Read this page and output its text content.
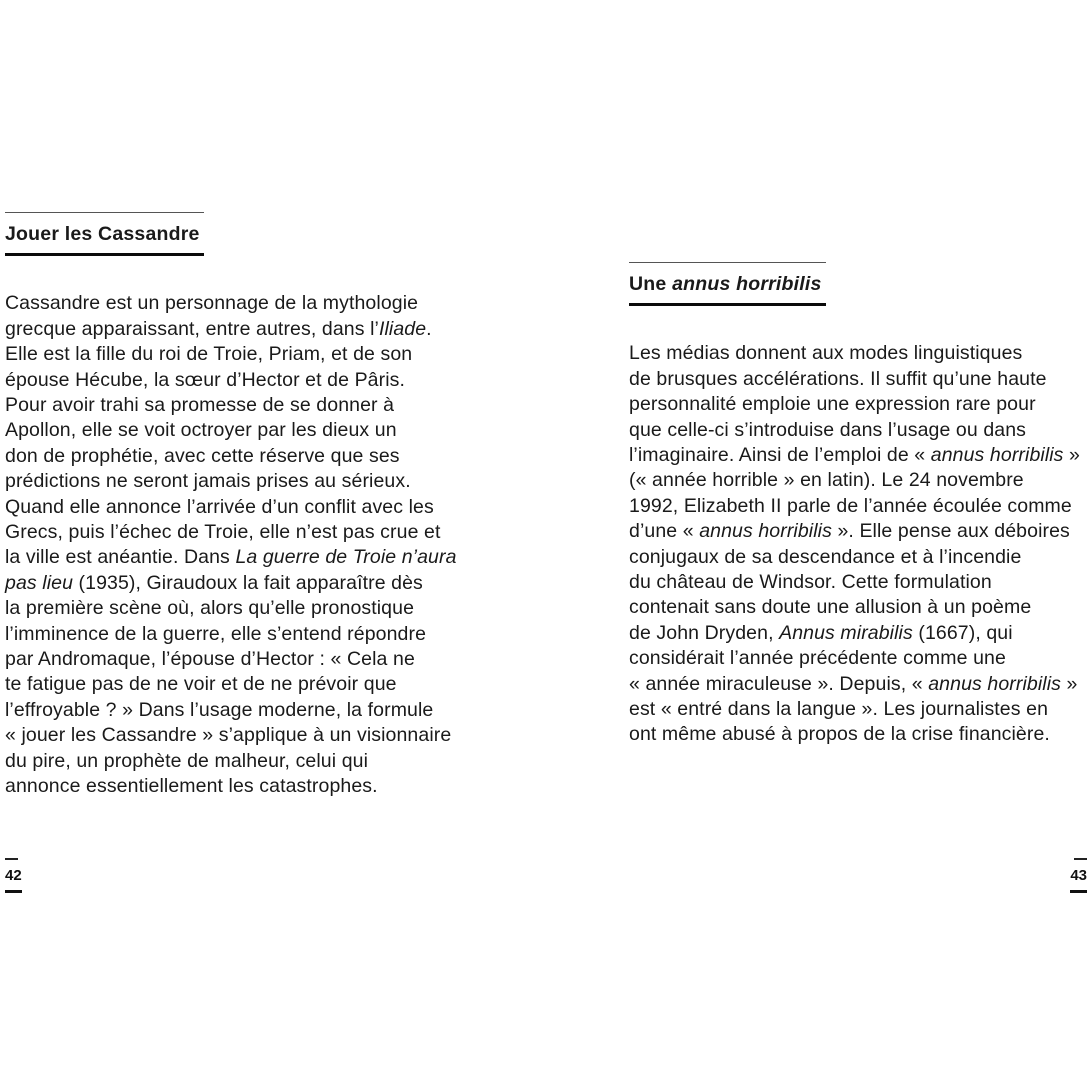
Jouer les Cassandre
Cassandre est un personnage de la mythologie
grecque apparaissant, entre autres, dans l’Iliade.
Elle est la fille du roi de Troie, Priam, et de son
épouse Hécube, la sœur d’Hector et de Pâris.
Pour avoir trahi sa promesse de se donner à
Apollon, elle se voit octroyer par les dieux un
don de prophétie, avec cette réserve que ses
prédictions ne seront jamais prises au sérieux.
Quand elle annonce l’arrivée d’un conflit avec les
Grecs, puis l’échec de Troie, elle n’est pas crue et
la ville est anéantie. Dans La guerre de Troie n’aura
pas lieu (1935), Giraudoux la fait apparaître dès
la première scène où, alors qu’elle pronostique
l’imminence de la guerre, elle s’entend répondre
par Andromaque, l’épouse d’Hector : « Cela ne
te fatigue pas de ne voir et de ne prévoir que
l’effroyable ? » Dans l’usage moderne, la formule
« jouer les Cassandre » s’applique à un visionnaire
du pire, un prophète de malheur, celui qui
annonce essentiellement les catastrophes.
Une annus horribilis
Les médias donnent aux modes linguistiques
de brusques accélérations. Il suffit qu’une haute
personnalité emploie une expression rare pour
que celle-ci s’introduise dans l’usage ou dans
l’imaginaire. Ainsi de l’emploi de « annus horribilis »
(« année horrible » en latin). Le 24 novembre
1992, Elizabeth II parle de l’année écoulée comme
d’une « annus horribilis ». Elle pense aux déboires
conjugaux de sa descendance et à l’incendie
du château de Windsor. Cette formulation
contenait sans doute une allusion à un poème
de John Dryden, Annus mirabilis (1667), qui
considérait l’année précédente comme une
« année miraculeuse ». Depuis, « annus horribilis »
est « entré dans la langue ». Les journalistes en
ont même abusé à propos de la crise financière.
42	43
